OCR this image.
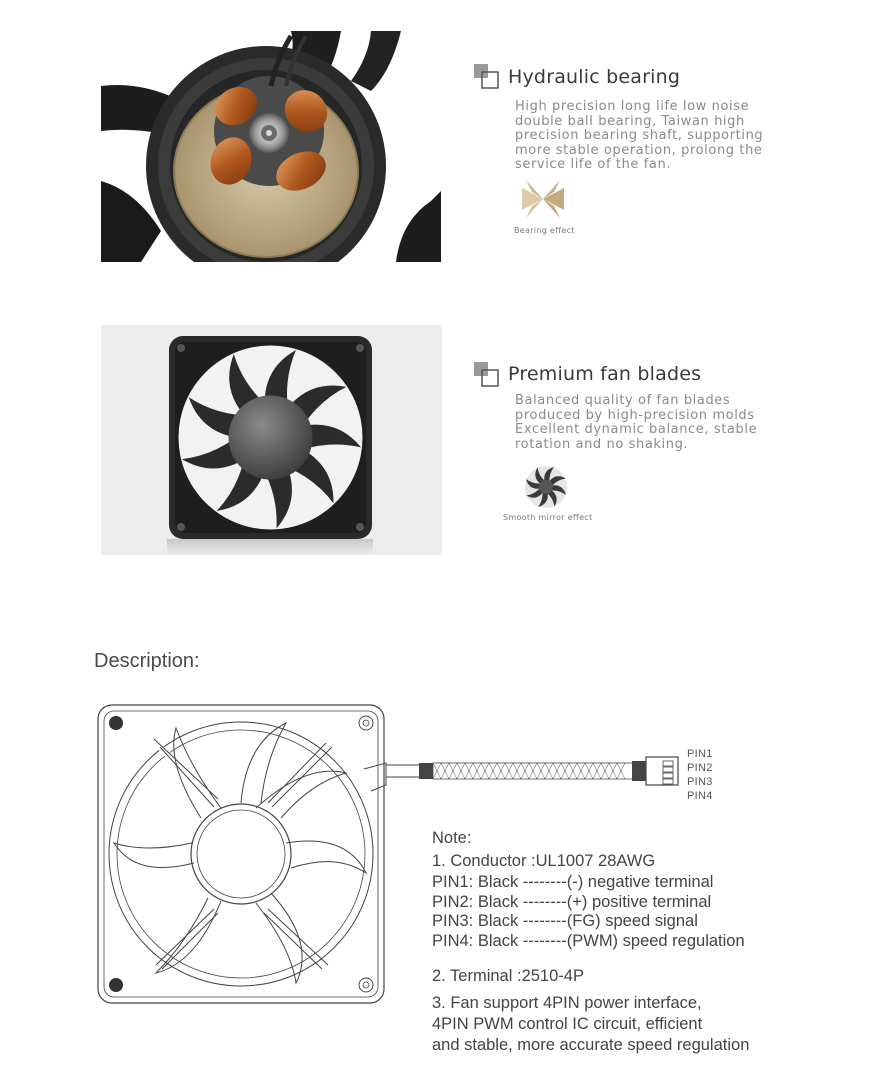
Hydraulic bearing
High precision long life low noise
double ball bearing, Taiwan high
precision bearing shaft, supporting
more stable operation, prolong the
service life of the fan.
Bearing effect
Premium fan blades
Balanced quality of fan blades
produced by high-precision molds
Excellent dynamic balance, stable
rotation and no shaking.
Smooth mirror effect
Description:
PIN1
PIN2
PIN3
PIN4
Note:
1. Conductor :UL1007 28AWG
PIN1: Black --------(-) negative terminal
PIN2: Black --------(+) positive terminal
PIN3: Black --------(FG) speed signal
PIN4: Black --------(PWM) speed regulation
2. Terminal :2510-4P
3. Fan support 4PIN power interface,
4PIN PWM control IC circuit, efficient
and stable, more accurate speed regulation
